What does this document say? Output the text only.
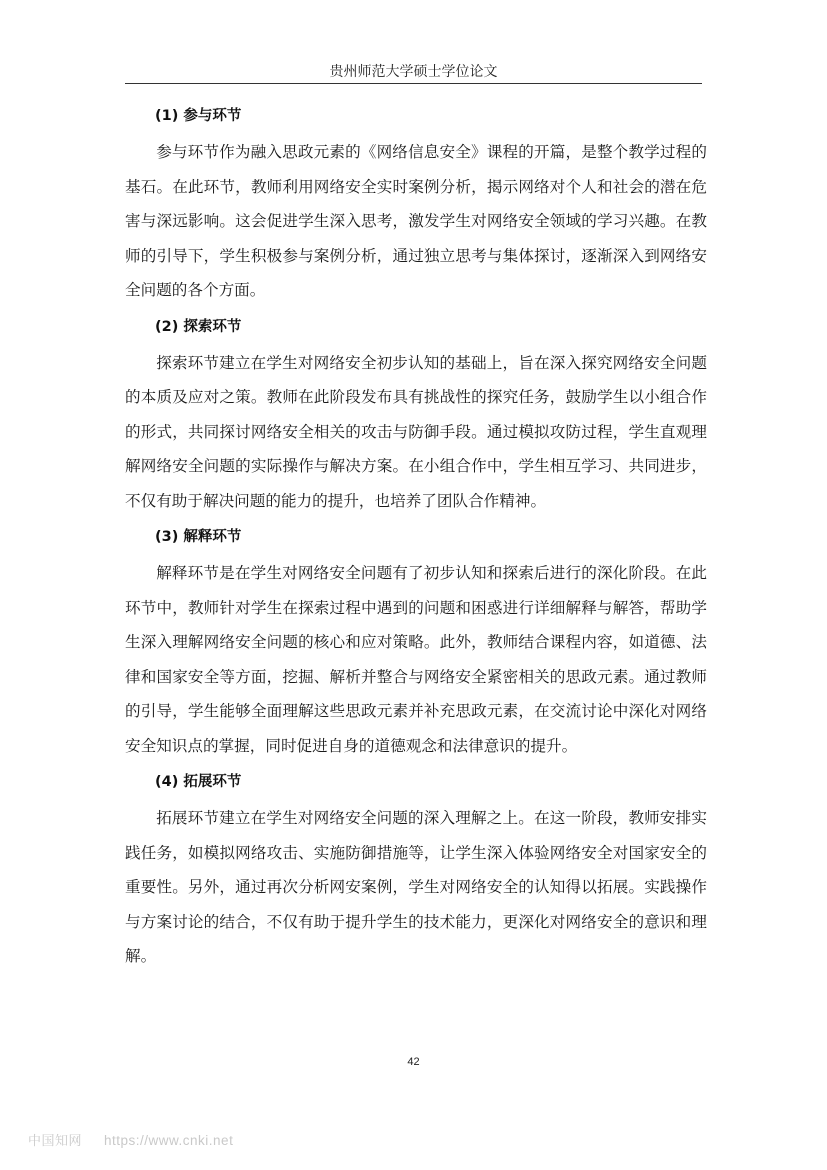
贵州师范大学硕士学位论文
(1) 参与环节

参与环节作为融入思政元素的《网络信息安全》课程的开篇，是整个教学过程的基石。在此环节，教师利用网络安全实时案例分析，揭示网络对个人和社会的潜在危害与深远影响。这会促进学生深入思考，激发学生对网络安全领域的学习兴趣。在教师的引导下，学生积极参与案例分析，通过独立思考与集体探讨，逐渐深入到网络安全问题的各个方面。

(2) 探索环节

探索环节建立在学生对网络安全初步认知的基础上，旨在深入探究网络安全问题的本质及应对之策。教师在此阶段发布具有挑战性的探究任务，鼓励学生以小组合作的形式，共同探讨网络安全相关的攻击与防御手段。通过模拟攻防过程，学生直观理解网络安全问题的实际操作与解决方案。在小组合作中，学生相互学习、共同进步，不仅有助于解决问题的能力的提升，也培养了团队合作精神。

(3) 解释环节

解释环节是在学生对网络安全问题有了初步认知和探索后进行的深化阶段。在此环节中，教师针对学生在探索过程中遇到的问题和困惑进行详细解释与解答，帮助学生深入理解网络安全问题的核心和应对策略。此外，教师结合课程内容，如道德、法律和国家安全等方面，挖掘、解析并整合与网络安全紧密相关的思政元素。通过教师的引导，学生能够全面理解这些思政元素并补充思政元素，在交流讨论中深化对网络安全知识点的掌握，同时促进自身的道德观念和法律意识的提升。

(4) 拓展环节

拓展环节建立在学生对网络安全问题的深入理解之上。在这一阶段，教师安排实践任务，如模拟网络攻击、实施防御措施等，让学生深入体验网络安全对国家安全的重要性。另外，通过再次分析网安案例，学生对网络安全的认知得以拓展。实践操作与方案讨论的结合，不仅有助于提升学生的技术能力，更深化对网络安全的意识和理解。

42
中国知网 https://www.cnki.net
